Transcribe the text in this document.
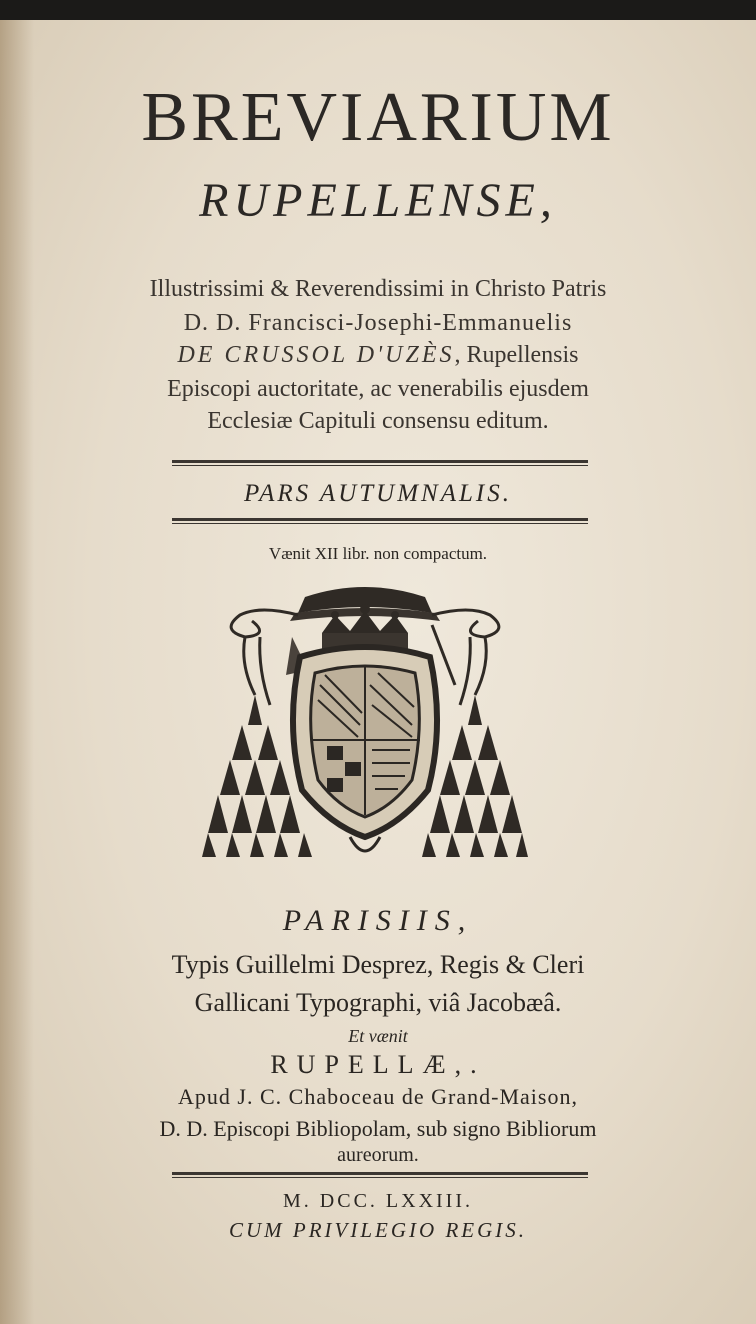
BREVIARIUM
RUPELLENSE,
Illustrissimi & Reverendissimi in Christo Patris
D. D. Francisci-Josephi-Emmanuelis
DE CRUSSOL D'UZÈS, Rupellensis
Episcopi auctoritate, ac venerabilis ejusdem
Ecclesiæ Capituli consensu editum.
PARS AUTUMNALIS.
Vænit XII libr. non compactum.
PARISIIS,
Typis Guillelmi Desprez, Regis & Cleri
Gallicani Typographi, viâ Jacobæâ.
Et vænit
RUPELLÆ,.
Apud J. C. Chaboceau de Grand-Maison,
D. D. Episcopi Bibliopolam, sub signo Bibliorum
aureorum.
M. DCC. LXXIII.
CUM PRIVILEGIO REGIS.
